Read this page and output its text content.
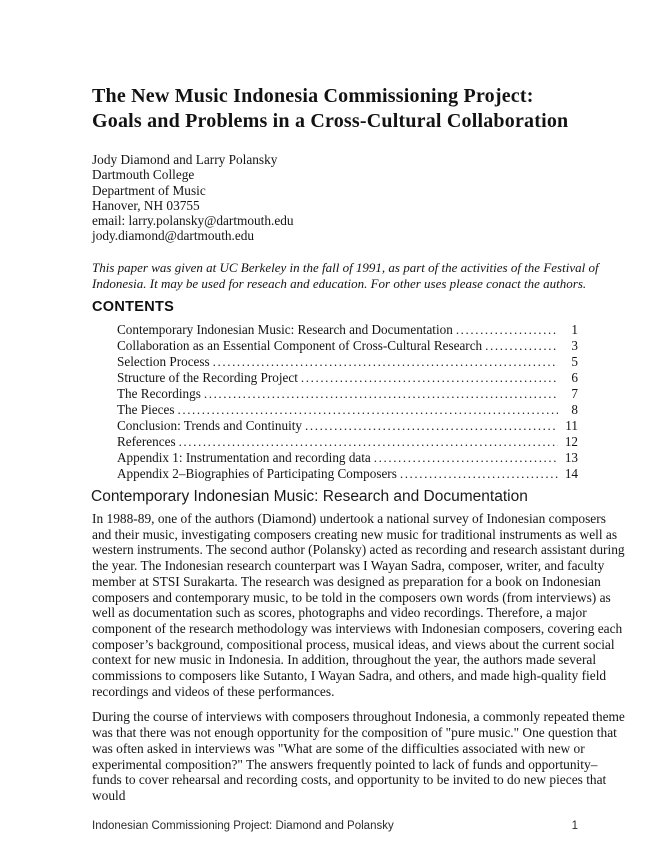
The New Music Indonesia Commissioning Project:
Goals and Problems in a Cross-Cultural Collaboration
Jody Diamond and Larry Polansky
Dartmouth College
Department of Music
Hanover, NH 03755
email: larry.polansky@dartmouth.edu
jody.diamond@dartmouth.edu

This paper was given at UC Berkeley in the fall of 1991, as part of the activities of the Festival of Indonesia. It may be used for reseach and education. For other uses please conact the authors.

CONTENTS
Contemporary Indonesian Music: Research and Documentation .....	1
Collaboration as an Essential Component of Cross-Cultural Research .....	3
Selection Process .....	5
Structure of the Recording Project .....	6
The Recordings .....	7
The Pieces .....	8
Conclusion: Trends and Continuity .....	11
References .....	12
Appendix 1: Instrumentation and recording data .....	13
Appendix 2–Biographies of Participating Composers .....	14
Contemporary Indonesian Music: Research and Documentation

In 1988-89, one of the authors (Diamond) undertook a national survey of Indonesian composers and their music, investigating composers creating new music for traditional instruments as well as western instruments. The second author (Polansky) acted as recording and research assistant during the year. The Indonesian research counterpart was I Wayan Sadra, composer, writer, and faculty member at STSI Surakarta. The research was designed as preparation for a book on Indonesian composers and contemporary music, to be told in the composers own words (from interviews) as well as documentation such as scores, photographs and video recordings. Therefore, a major component of the research methodology was interviews with Indonesian composers, covering each composer’s background, compositional process, musical ideas, and views about the current social context for new music in Indonesia. In addition, throughout the year, the authors made several commissions to composers like Sutanto, I Wayan Sadra, and others, and made high-quality field recordings and videos of these performances.

During the course of interviews with composers throughout Indonesia, a commonly repeated theme was that there was not enough opportunity for the composition of "pure music." One question that was often asked in interviews was "What are some of the difficulties associated with new or experimental composition?" The answers frequently pointed to lack of funds and opportunity–funds to cover rehearsal and recording costs, and opportunity to be invited to do new pieces that would

Indonesian Commissioning Project: Diamond and Polansky	1
